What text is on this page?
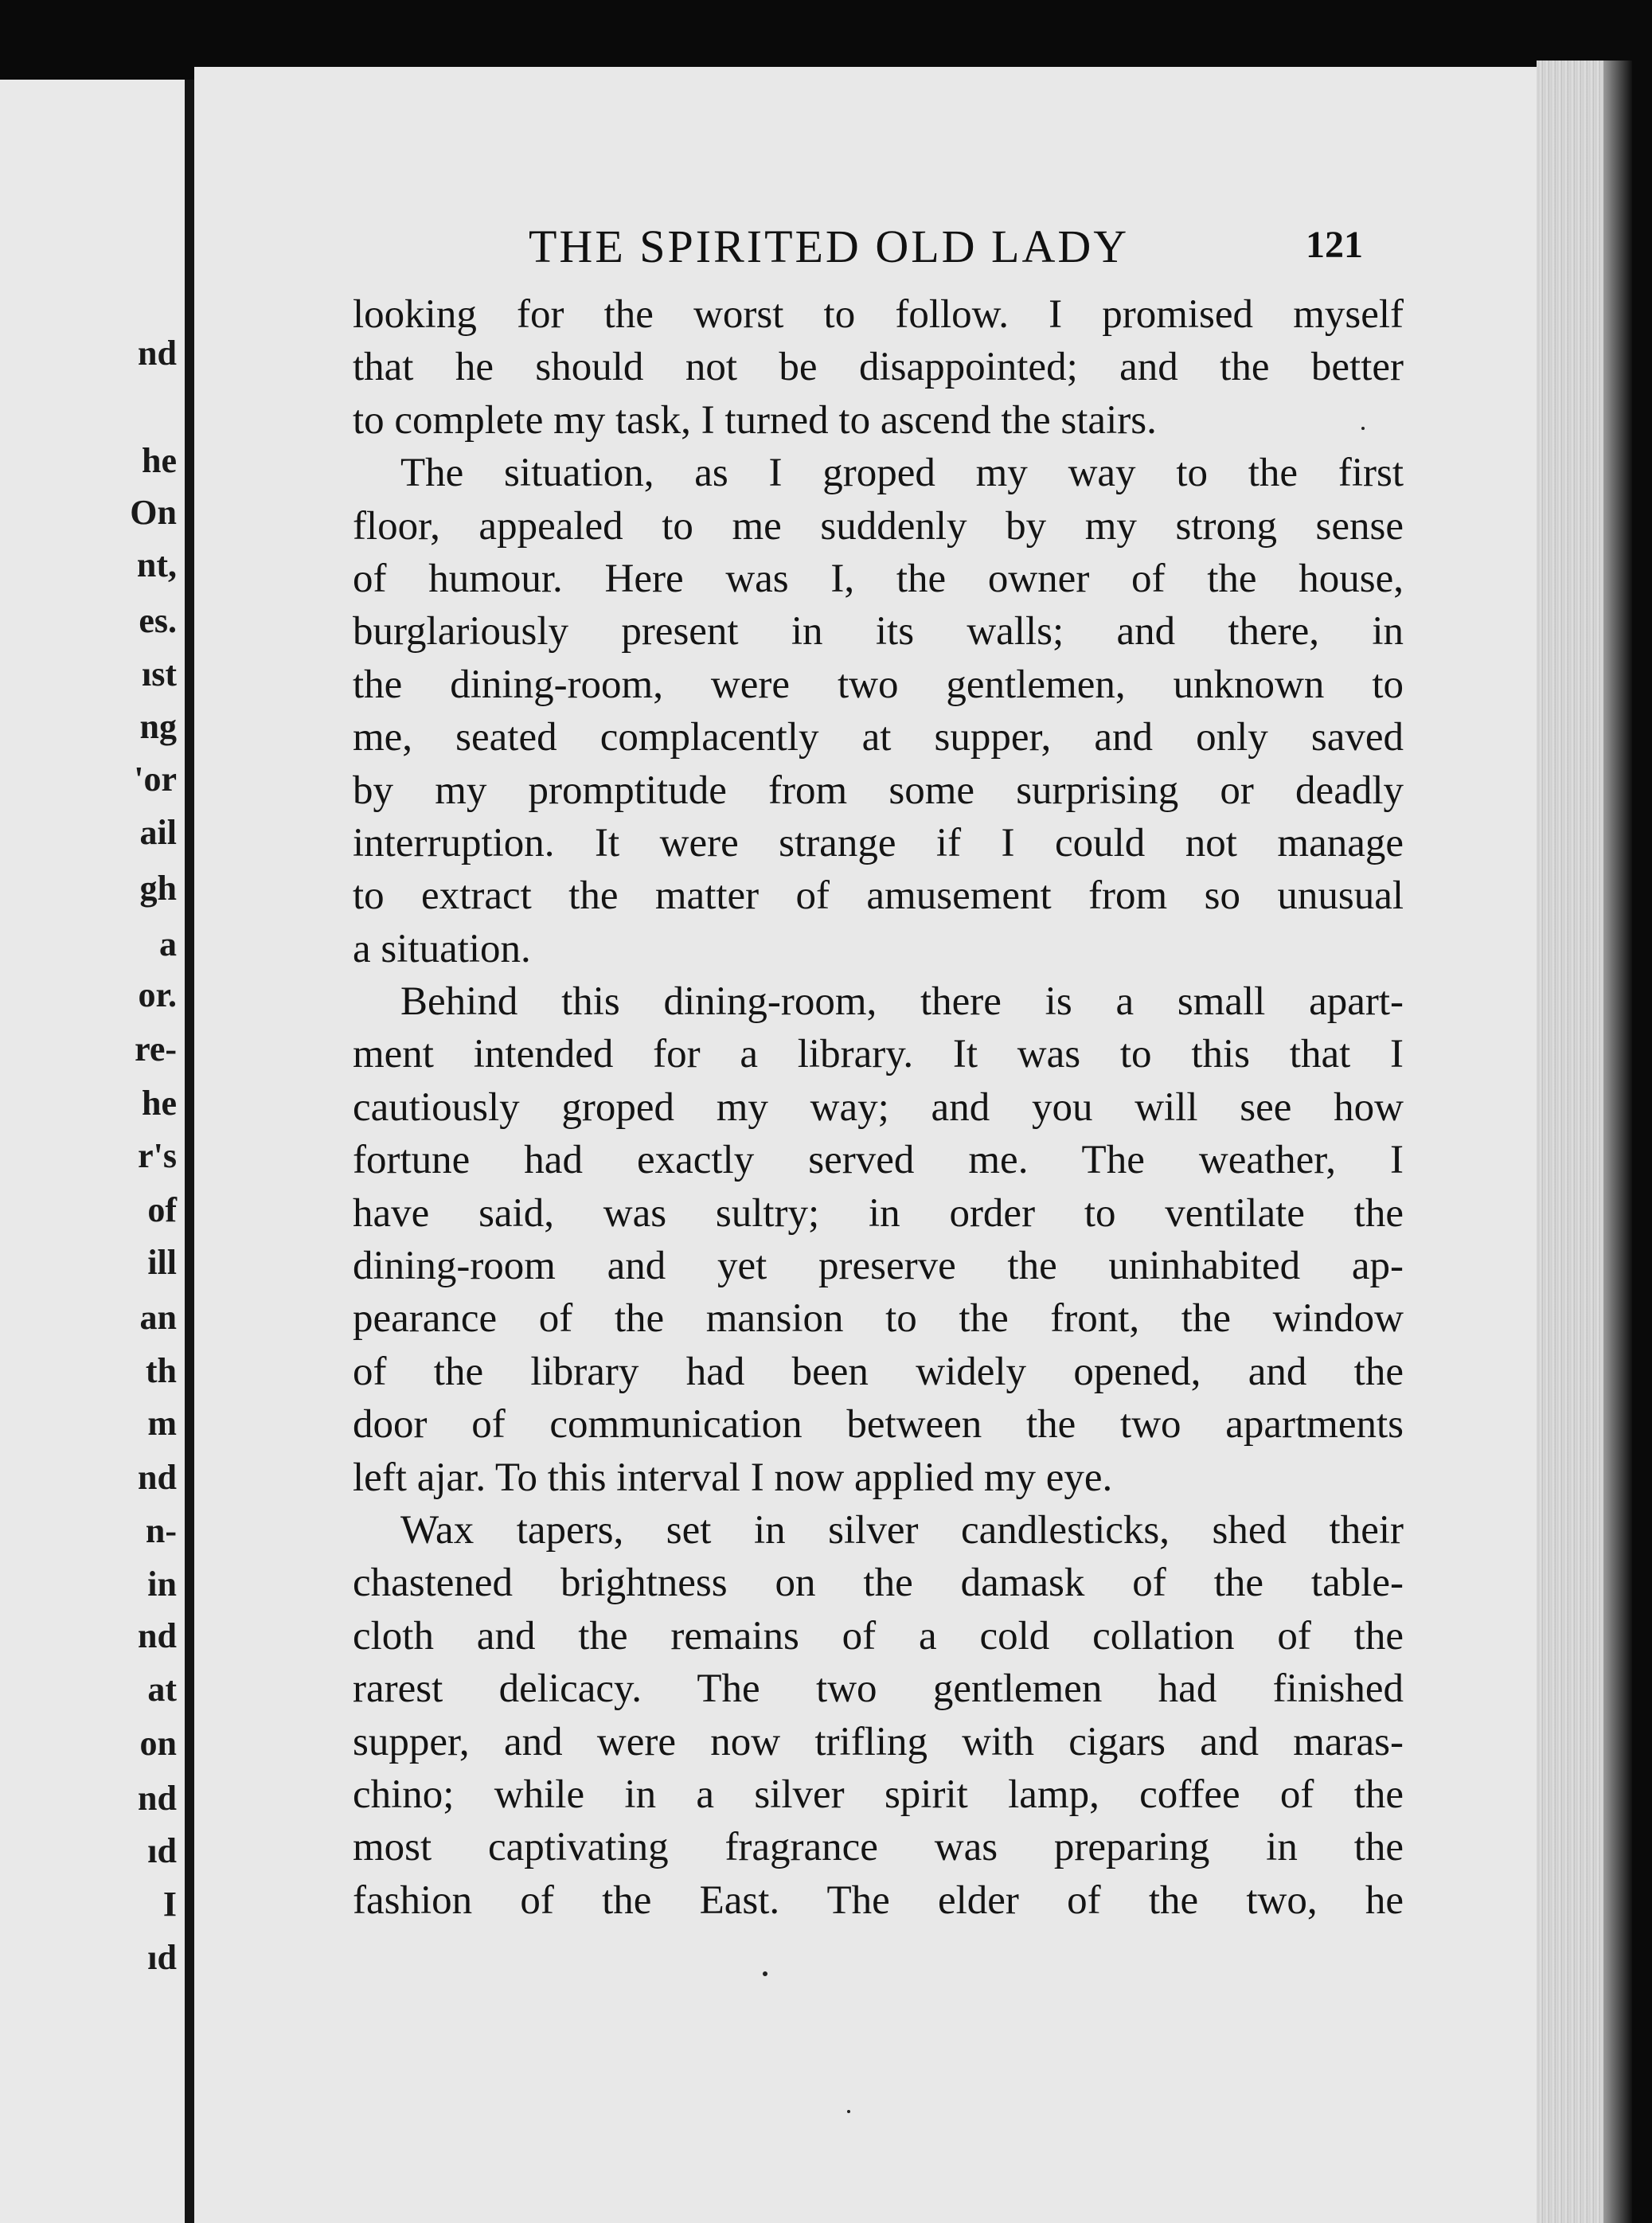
nd
he
On
nt,
es.
ıst
ng
'or
ail
gh
a
or.
re-
he
r's
of
ill
an
th
m
nd
n-
in
nd
at
on
nd
ıd
I
ıd
THE SPIRITED OLD LADY	121
looking for the worst to follow. I promised myself
that he should not be disappointed; and the better
to complete my task, I turned to ascend the stairs.
The situation, as I groped my way to the first
floor, appealed to me suddenly by my strong sense
of humour. Here was I, the owner of the house,
burglariously present in its walls; and there, in
the dining-room, were two gentlemen, unknown to
me, seated complacently at supper, and only saved
by my promptitude from some surprising or deadly
interruption. It were strange if I could not manage
to extract the matter of amusement from so unusual
a situation.
Behind this dining-room, there is a small apart-
ment intended for a library. It was to this that I
cautiously groped my way; and you will see how
fortune had exactly served me. The weather, I
have said, was sultry; in order to ventilate the
dining-room and yet preserve the uninhabited ap-
pearance of the mansion to the front, the window
of the library had been widely opened, and the
door of communication between the two apartments
left ajar. To this interval I now applied my eye.
Wax tapers, set in silver candlesticks, shed their
chastened brightness on the damask of the table-
cloth and the remains of a cold collation of the
rarest delicacy. The two gentlemen had finished
supper, and were now trifling with cigars and maras-
chino; while in a silver spirit lamp, coffee of the
most captivating fragrance was preparing in the
fashion of the East. The elder of the two, he
